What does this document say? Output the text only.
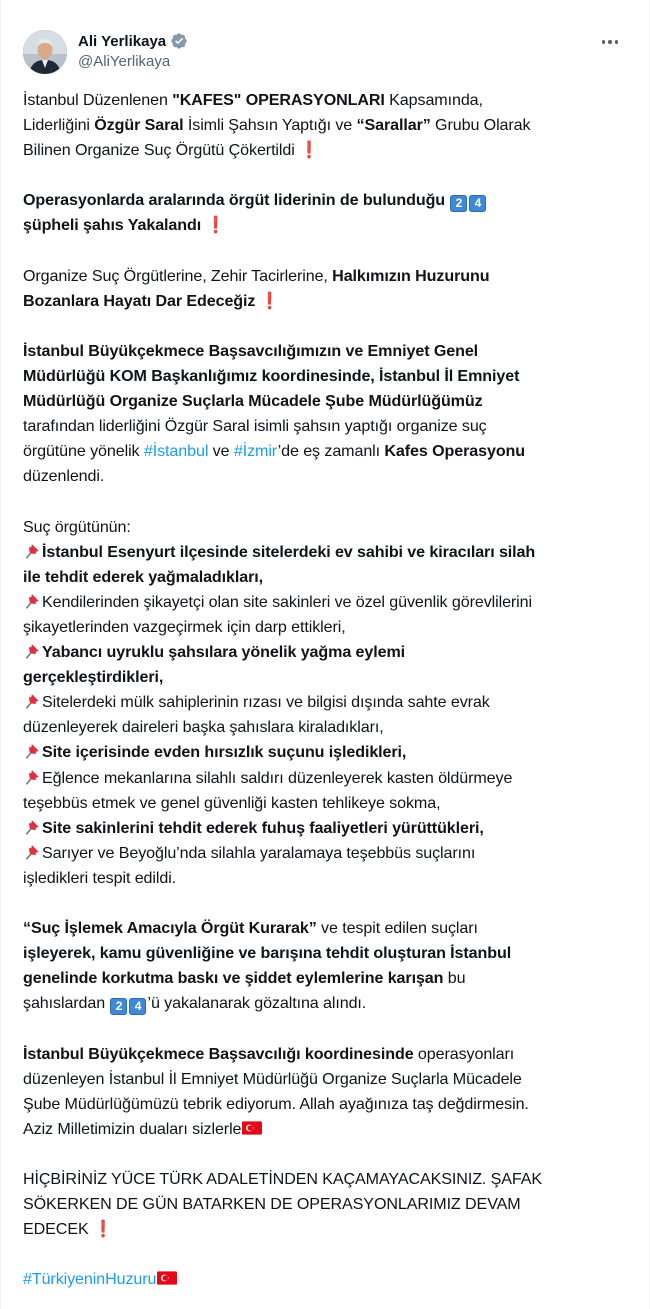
Ali Yerlikaya
@AliYerlikaya
İstanbul Düzenlenen "KAFES" OPERASYONLARI Kapsamında,
Liderliğini Özgür Saral İsimli Şahsın Yaptığı ve “Sarallar” Grubu Olarak
Bilinen Organize Suç Örgütü Çökertildi ❗
Operasyonlarda aralarında örgüt liderinin de bulunduğu 2 4
şüpheli şahıs Yakalandı ❗
Organize Suç Örgütlerine, Zehir Tacirlerine, Halkımızın Huzurunu
Bozanlara Hayatı Dar Edeceğiz ❗
İstanbul Büyükçekmece Başsavcılığımızın ve Emniyet Genel
Müdürlüğü KOM Başkanlığımız koordinesinde, İstanbul İl Emniyet
Müdürlüğü Organize Suçlarla Mücadele Şube Müdürlüğümüz
tarafından liderliğini Özgür Saral isimli şahsın yaptığı organize suç
örgütüne yönelik #İstanbul ve #İzmir’de eş zamanlı Kafes Operasyonu
düzenlendi.
Suç örgütünün:
İstanbul Esenyurt ilçesinde sitelerdeki ev sahibi ve kiracıları silah
ile tehdit ederek yağmaladıkları,
Kendilerinden şikayetçi olan site sakinleri ve özel güvenlik görevlilerini
şikayetlerinden vazgeçirmek için darp ettikleri,
Yabancı uyruklu şahsılara yönelik yağma eylemi
gerçekleştirdikleri,
Sitelerdeki mülk sahiplerinin rızası ve bilgisi dışında sahte evrak
düzenleyerek daireleri başka şahıslara kiraladıkları,
Site içerisinde evden hırsızlık suçunu işledikleri,
Eğlence mekanlarına silahlı saldırı düzenleyerek kasten öldürmeye
teşebbüs etmek ve genel güvenliği kasten tehlikeye sokma,
Site sakinlerini tehdit ederek fuhuş faaliyetleri yürüttükleri,
Sarıyer ve Beyoğlu’nda silahla yaralamaya teşebbüs suçlarını
işledikleri tespit edildi.
“Suç İşlemek Amacıyla Örgüt Kurarak” ve tespit edilen suçları
işleyerek, kamu güvenliğine ve barışına tehdit oluşturan İstanbul
genelinde korkutma baskı ve şiddet eylemlerine karışan bu
şahıslardan 2 4 ’ü yakalanarak gözaltına alındı.
İstanbul Büyükçekmece Başsavcılığı koordinesinde operasyonları
düzenleyen İstanbul İl Emniyet Müdürlüğü Organize Suçlarla Mücadele
Şube Müdürlüğümüzü tebrik ediyorum. Allah ayağınıza taş değdirmesin.
Aziz Milletimizin duaları sizlerle
HİÇBİRİNİZ YÜCE TÜRK ADALETİNDEN KAÇAMAYACAKSINIZ. ŞAFAK
SÖKERKEN DE GÜN BATARKEN DE OPERASYONLARIMIZ DEVAM
EDECEK ❗
#TürkiyeninHuzuru
